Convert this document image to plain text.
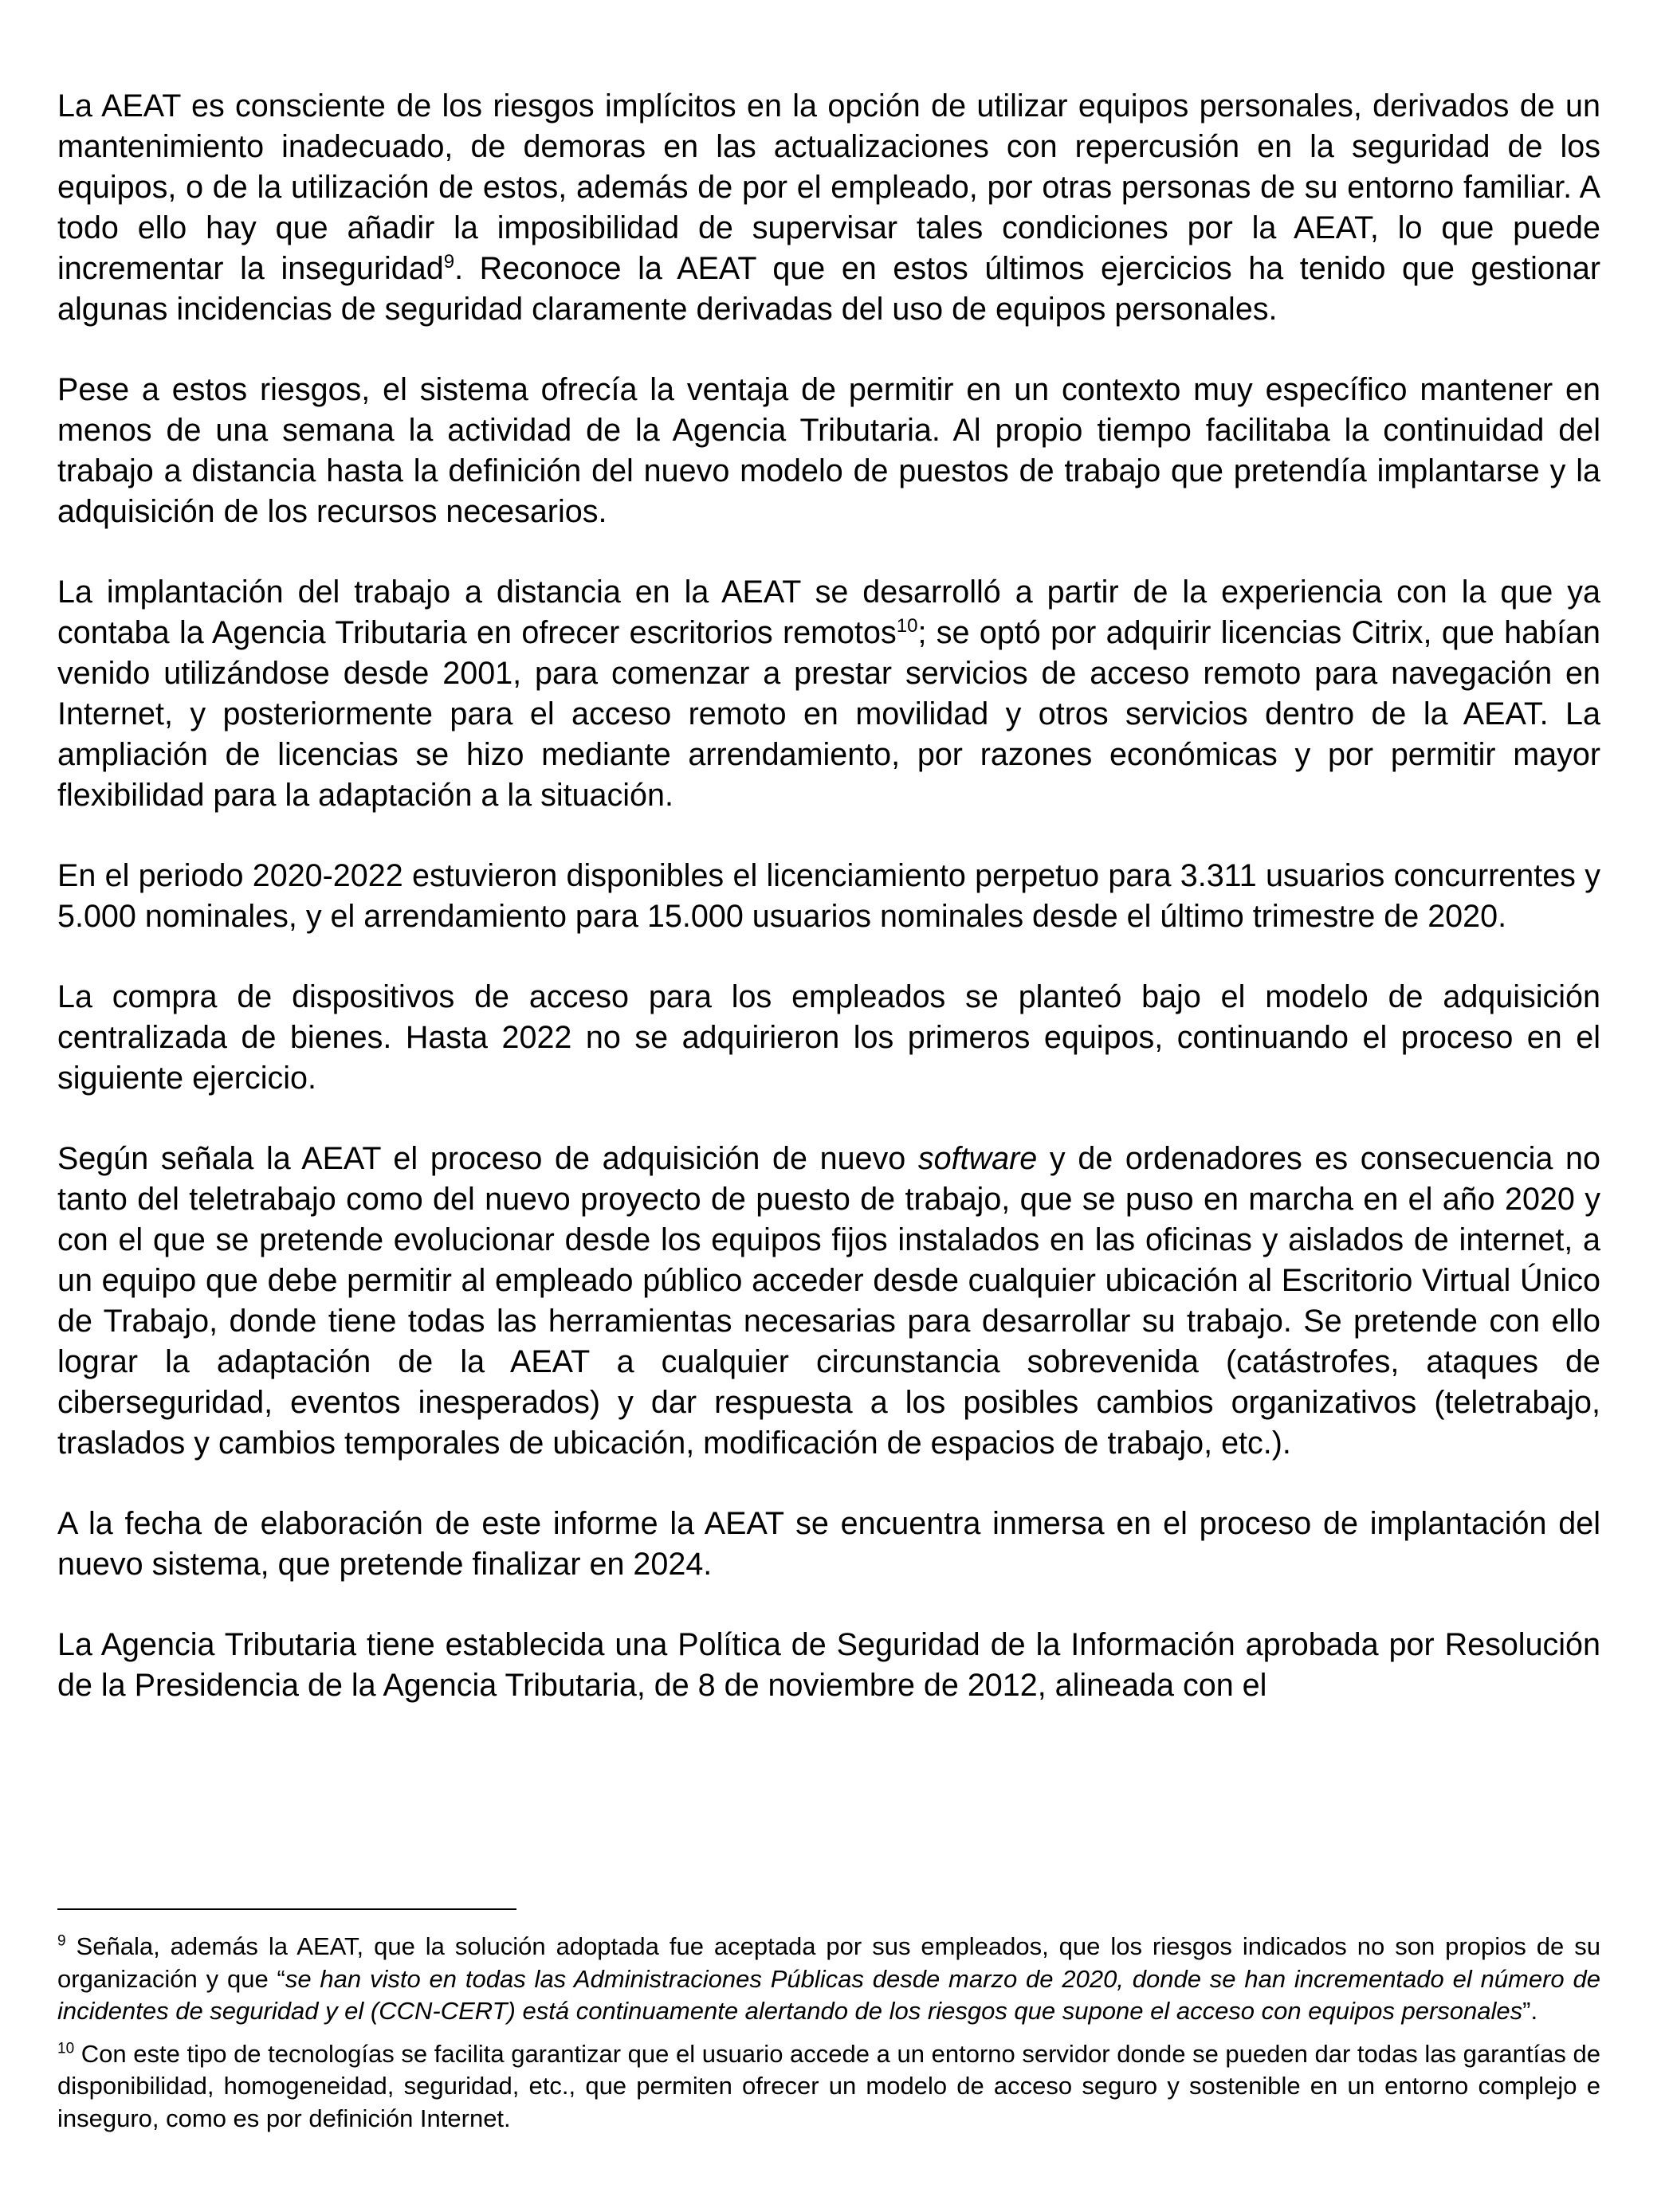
La AEAT es consciente de los riesgos implícitos en la opción de utilizar equipos personales, derivados de un mantenimiento inadecuado, de demoras en las actualizaciones con repercusión en la seguridad de los equipos, o de la utilización de estos, además de por el empleado, por otras personas de su entorno familiar. A todo ello hay que añadir la imposibilidad de supervisar tales condiciones por la AEAT, lo que puede incrementar la inseguridad$^9$. Reconoce la AEAT que en estos últimos ejercicios ha tenido que gestionar algunas incidencias de seguridad claramente derivadas del uso de equipos personales.

Pese a estos riesgos, el sistema ofrecía la ventaja de permitir en un contexto muy específico mantener en menos de una semana la actividad de la Agencia Tributaria. Al propio tiempo facilitaba la continuidad del trabajo a distancia hasta la definición del nuevo modelo de puestos de trabajo que pretendía implantarse y la adquisición de los recursos necesarios.

La implantación del trabajo a distancia en la AEAT se desarrolló a partir de la experiencia con la que ya contaba la Agencia Tributaria en ofrecer escritorios remotos$^{10}$; se optó por adquirir licencias Citrix, que habían venido utilizándose desde 2001, para comenzar a prestar servicios de acceso remoto para navegación en Internet, y posteriormente para el acceso remoto en movilidad y otros servicios dentro de la AEAT. La ampliación de licencias se hizo mediante arrendamiento, por razones económicas y por permitir mayor flexibilidad para la adaptación a la situación.

En el periodo 2020-2022 estuvieron disponibles el licenciamiento perpetuo para 3.311 usuarios concurrentes y 5.000 nominales, y el arrendamiento para 15.000 usuarios nominales desde el último trimestre de 2020.

La compra de dispositivos de acceso para los empleados se planteó bajo el modelo de adquisición centralizada de bienes. Hasta 2022 no se adquirieron los primeros equipos, continuando el proceso en el siguiente ejercicio.

Según señala la AEAT el proceso de adquisición de nuevo software y de ordenadores es consecuencia no tanto del teletrabajo como del nuevo proyecto de puesto de trabajo, que se puso en marcha en el año 2020 y con el que se pretende evolucionar desde los equipos fijos instalados en las oficinas y aislados de internet, a un equipo que debe permitir al empleado público acceder desde cualquier ubicación al Escritorio Virtual Único de Trabajo, donde tiene todas las herramientas necesarias para desarrollar su trabajo. Se pretende con ello lograr la adaptación de la AEAT a cualquier circunstancia sobrevenida (catástrofes, ataques de ciberseguridad, eventos inesperados) y dar respuesta a los posibles cambios organizativos (teletrabajo, traslados y cambios temporales de ubicación, modificación de espacios de trabajo, etc.).

A la fecha de elaboración de este informe la AEAT se encuentra inmersa en el proceso de implantación del nuevo sistema, que pretende finalizar en 2024.

La Agencia Tributaria tiene establecida una Política de Seguridad de la Información aprobada por Resolución de la Presidencia de la Agencia Tributaria, de 8 de noviembre de 2012, alineada con el

$^9$ Señala, además la AEAT, que la solución adoptada fue aceptada por sus empleados, que los riesgos indicados no son propios de su organización y que “se han visto en todas las Administraciones Públicas desde marzo de 2020, donde se han incrementado el número de incidentes de seguridad y el (CCN-CERT) está continuamente alertando de los riesgos que supone el acceso con equipos personales”.

$^{10}$ Con este tipo de tecnologías se facilita garantizar que el usuario accede a un entorno servidor donde se pueden dar todas las garantías de disponibilidad, homogeneidad, seguridad, etc., que permiten ofrecer un modelo de acceso seguro y sostenible en un entorno complejo e inseguro, como es por definición Internet.
